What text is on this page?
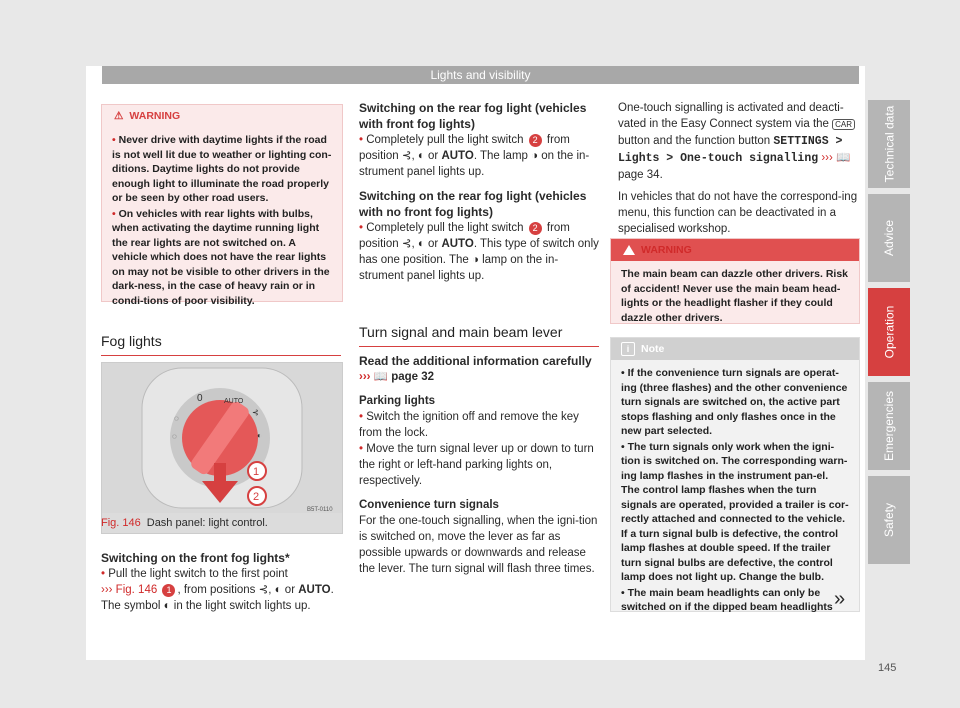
Lights and visibility
⚠ WARNING

• Never drive with daytime lights if the road is not well lit due to weather or lighting con-ditions. Daytime lights do not provide enough light to illuminate the road properly or be seen by other road users.

• On vehicles with rear lights with bulbs, when activating the daytime running light the rear lights are not switched on. A vehicle which does not have the rear lights on may not be visible to other drivers in the dark-ness, in the case of heavy rain or in condi-tions of poor visibility.

Fog lights
0	AUTO
⊰
◐
◌
◌
1
2
B5T-0110
Fig. 146 Dash panel: light control.
Switching on the front fog lights*
• Pull the light switch to the first point
››› Fig. 146 1 , from positions ⊰, ◐ or AUTO.
The symbol ◐ in the light switch lights up.
Switching on the rear fog light (vehicles with front fog lights)
• Completely pull the light switch 2 from position ⊰, ◐ or AUTO. The lamp ◑ on the in-strument panel lights up.
Switching on the rear fog light (vehicles with no front fog lights)
• Completely pull the light switch 2 from position ⊰, ◐ or AUTO. This type of switch only has one position. The ◑ lamp on the in-strument panel lights up.
Turn signal and main beam lever
Read the additional information carefully
››› 📖 page 32
Parking lights
• Switch the ignition off and remove the key from the lock.
• Move the turn signal lever up or down to turn the right or left-hand parking lights on, respectively.
Convenience turn signals
For the one-touch signalling, when the igni-tion is switched on, move the lever as far as possible upwards or downwards and release the lever. The turn signal will flash three times.
One-touch signalling is activated and deacti-vated in the Easy Connect system via the CAR button and the function button SETTINGS > Lights > One-touch signalling ››› 📖 page 34.
In vehicles that do not have the correspond-ing menu, this function can be deactivated in a specialised workshop.
WARNING
The main beam can dazzle other drivers. Risk of accident! Never use the main beam head-lights or the headlight flasher if they could dazzle other drivers.
i	Note

• If the convenience turn signals are operat-ing (three flashes) and the other convenience turn signals are switched on, the active part stops flashing and only flashes once in the new part selected.

• The turn signals only work when the igni-tion is switched on. The corresponding warn-ing lamp flashes in the instrument pan-el. The control lamp flashes when the turn signals are operated, provided a trailer is cor-rectly attached and connected to the vehicle. If a turn signal bulb is defective, the control lamp flashes at double speed. If the trailer turn signal bulbs are defective, the control lamp does not light up. Change the bulb.

• The main beam headlights can only be switched on if the dipped beam headlights »
Technical data
Advice
Operation
Emergencies
Safety
145
